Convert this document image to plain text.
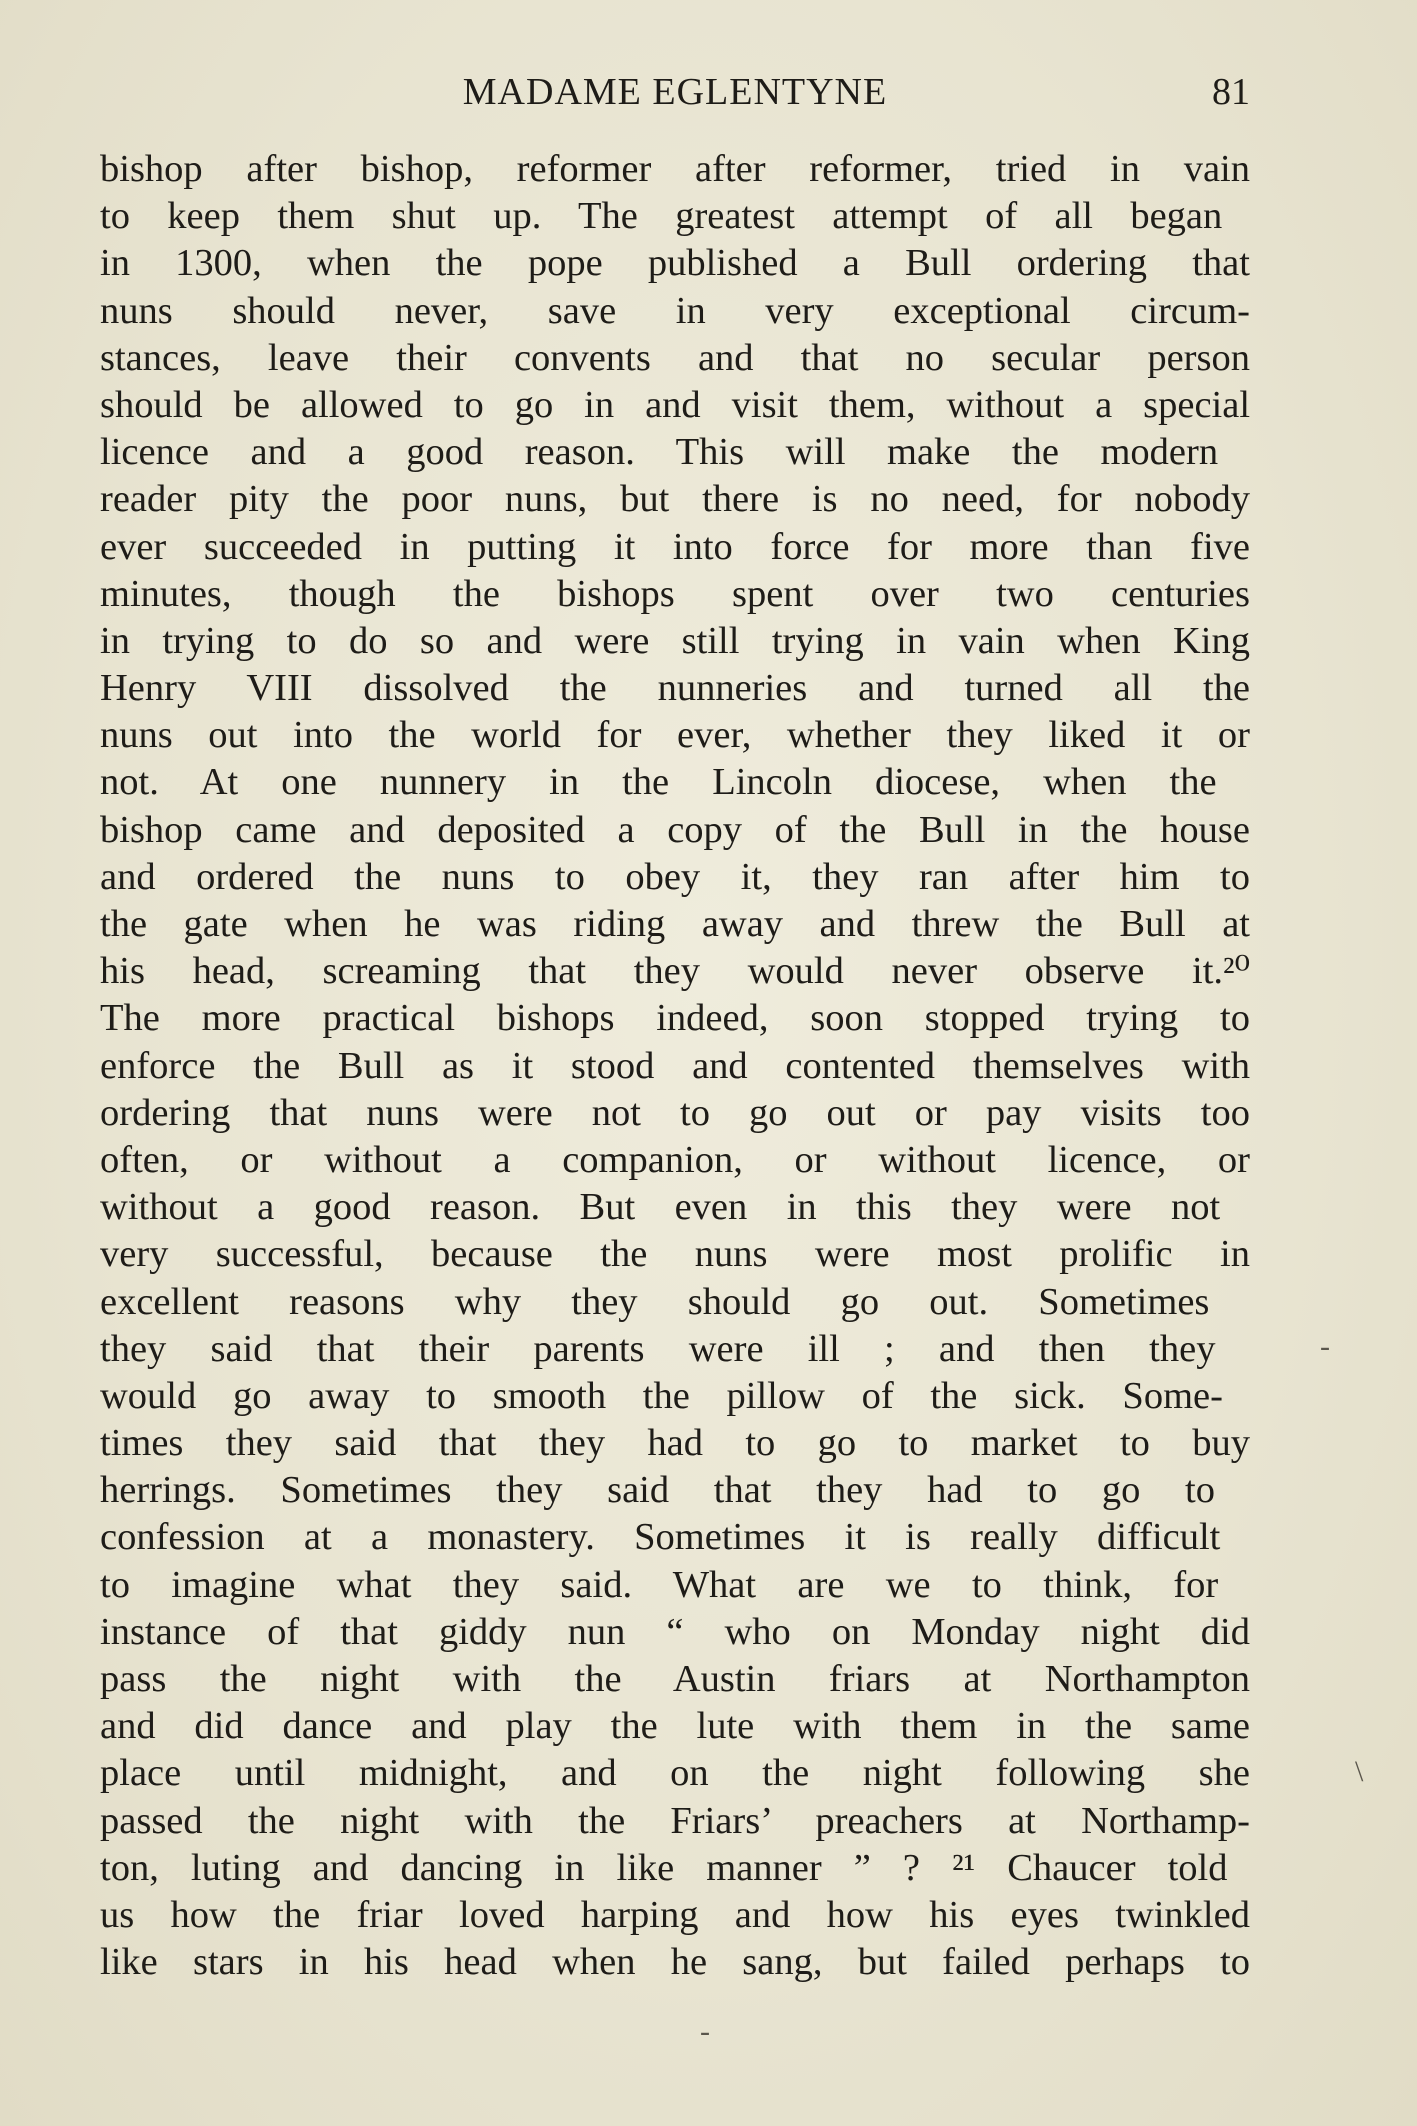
MADAME EGLENTYNE	81
bishop after bishop, reformer after reformer, tried in vain
to keep them shut up. The greatest attempt of all began
in 1300, when the pope published a Bull ordering that
nuns should never, save in very exceptional circum-
stances, leave their convents and that no secular person
should be allowed to go in and visit them, without a special
licence and a good reason. This will make the modern
reader pity the poor nuns, but there is no need, for nobody
ever succeeded in putting it into force for more than five
minutes, though the bishops spent over two centuries
in trying to do so and were still trying in vain when King
Henry VIII dissolved the nunneries and turned all the
nuns out into the world for ever, whether they liked it or
not. At one nunnery in the Lincoln diocese, when the
bishop came and deposited a copy of the Bull in the house
and ordered the nuns to obey it, they ran after him to
the gate when he was riding away and threw the Bull at
his head, screaming that they would never observe it.²⁰
The more practical bishops indeed, soon stopped trying to
enforce the Bull as it stood and contented themselves with
ordering that nuns were not to go out or pay visits too
often, or without a companion, or without licence, or
without a good reason. But even in this they were not
very successful, because the nuns were most prolific in
excellent reasons why they should go out. Sometimes
they said that their parents were ill ; and then they
would go away to smooth the pillow of the sick. Some-
times they said that they had to go to market to buy
herrings. Sometimes they said that they had to go to
confession at a monastery. Sometimes it is really difficult
to imagine what they said. What are we to think, for
instance of that giddy nun “ who on Monday night did
pass the night with the Austin friars at Northampton
and did dance and play the lute with them in the same
place until midnight, and on the night following she
passed the night with the Friars’ preachers at Northamp-
ton, luting and dancing in like manner ” ? ²¹ Chaucer told
us how the friar loved harping and how his eyes twinkled
like stars in his head when he sang, but failed perhaps to
-
\
-
